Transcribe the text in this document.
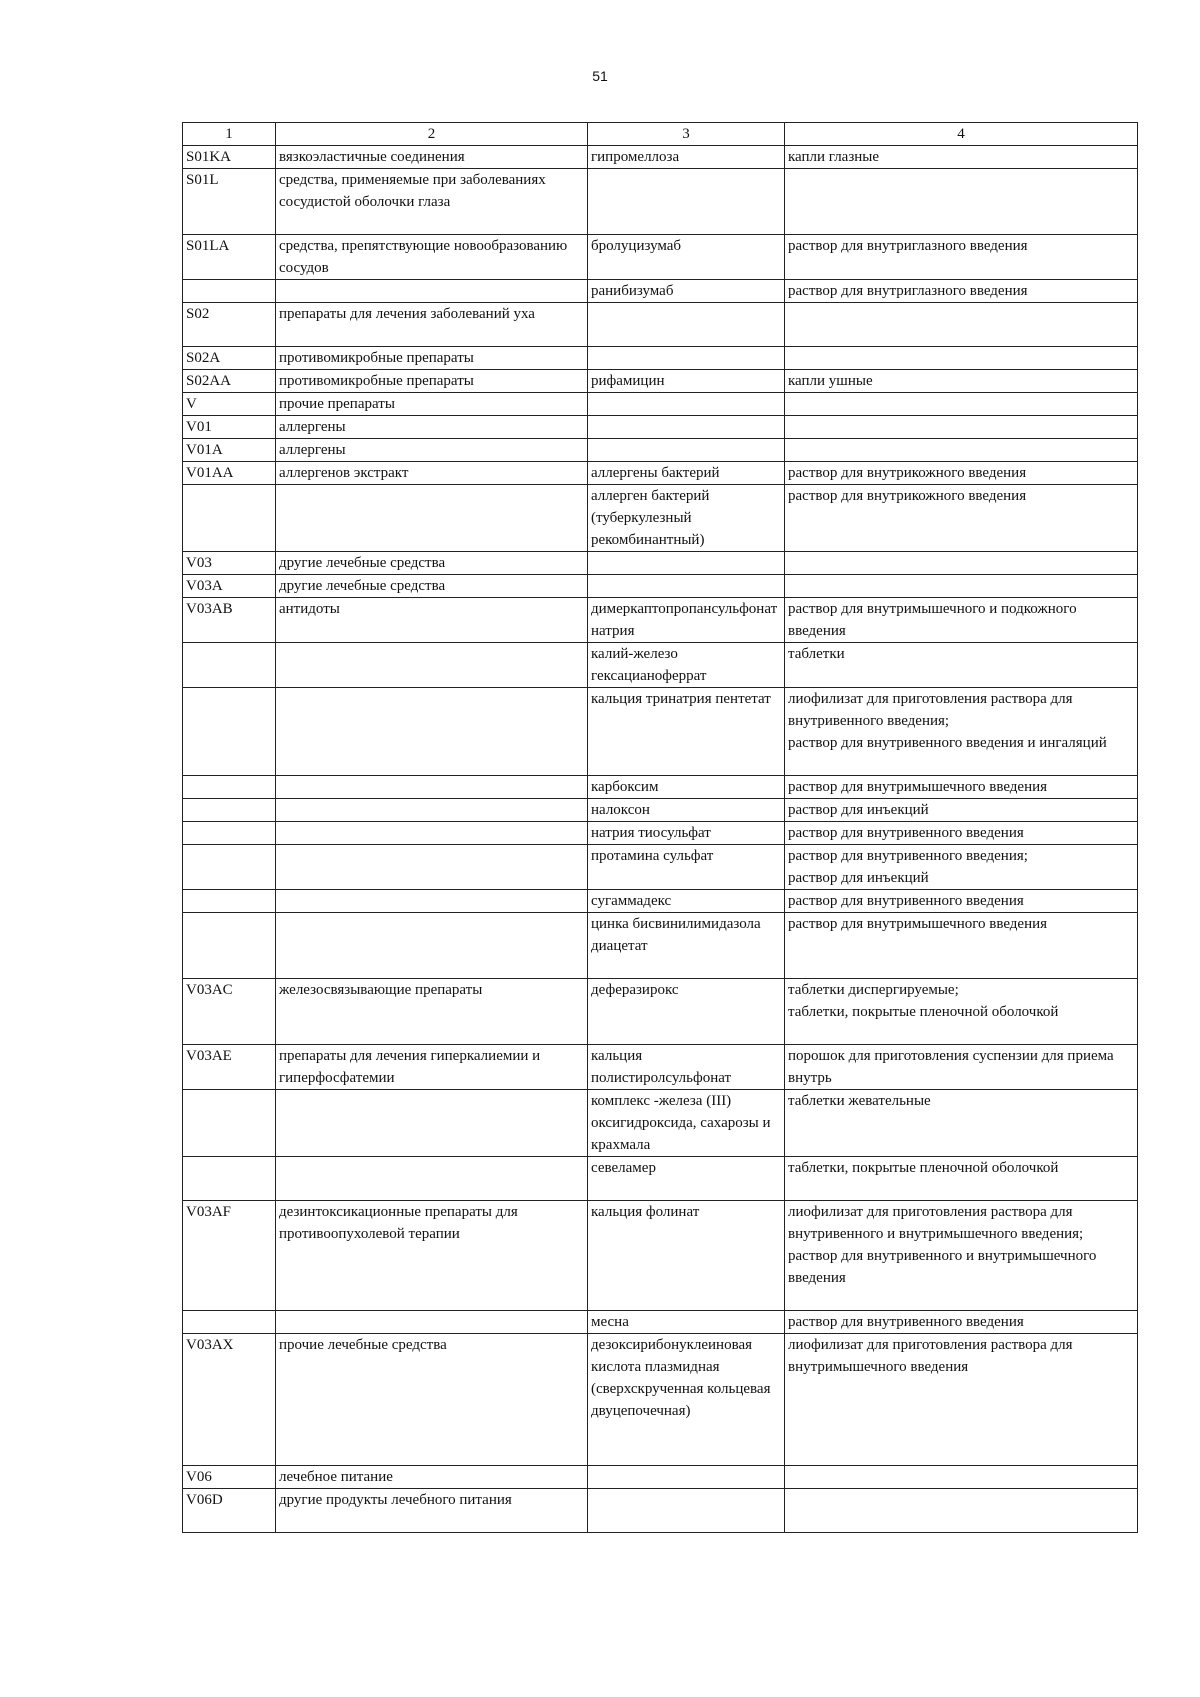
51
1	2	3	4
S01KA	вязкоэластичные соединения	гипромеллоза	капли глазные
S01L	средства, применяемые при заболеваниях сосудистой оболочки глаза		
S01LA	средства, препятствующие новообразованию сосудов	бролуцизумаб	раствор для внутриглазного введения
		ранибизумаб	раствор для внутриглазного введения
S02	препараты для лечения заболеваний уха		
S02A	противомикробные препараты		
S02AA	противомикробные препараты	рифамицин	капли ушные
V	прочие препараты		
V01	аллергены		
V01A	аллергены		
V01AA	аллергенов экстракт	аллергены бактерий	раствор для внутрикожного введения
		аллерген бактерий (туберкулезный рекомбинантный)	раствор для внутрикожного введения
V03	другие лечебные средства		
V03A	другие лечебные средства		
V03AB	антидоты	димеркаптопропансульфонат натрия	раствор для внутримышечного и подкожного введения
		калий-железо гексацианоферрат	таблетки
		кальция тринатрия пентетат	лиофилизат для приготовления раствора для внутривенного введения;
раствор для внутривенного введения и ингаляций
		карбоксим	раствор для внутримышечного введения
		налоксон	раствор для инъекций
		натрия тиосульфат	раствор для внутривенного введения
		протамина сульфат	раствор для внутривенного введения;
раствор для инъекций
		сугаммадекс	раствор для внутривенного введения
		цинка бисвинилимидазола диацетат	раствор для внутримышечного введения
V03AC	железосвязывающие препараты	деферазирокс	таблетки диспергируемые;
таблетки, покрытые пленочной оболочкой
V03AE	препараты для лечения гиперкалиемии и гиперфосфатемии	кальция полистиролсульфонат	порошок для приготовления суспензии для приема внутрь
		комплекс -железа (III) оксигидроксида, сахарозы и крахмала	таблетки жевательные
		севеламер	таблетки, покрытые пленочной оболочкой
V03AF	дезинтоксикационные препараты для противоопухолевой терапии	кальция фолинат	лиофилизат для приготовления раствора для внутривенного и внутримышечного введения;
раствор для внутривенного и внутримышечного введения
		месна	раствор для внутривенного введения
V03AX	прочие лечебные средства	дезоксирибонуклеиновая кислота плазмидная (сверхскрученная кольцевая двуцепочечная)	лиофилизат для приготовления раствора для внутримышечного введения
V06	лечебное питание		
V06D	другие продукты лечебного питания		
